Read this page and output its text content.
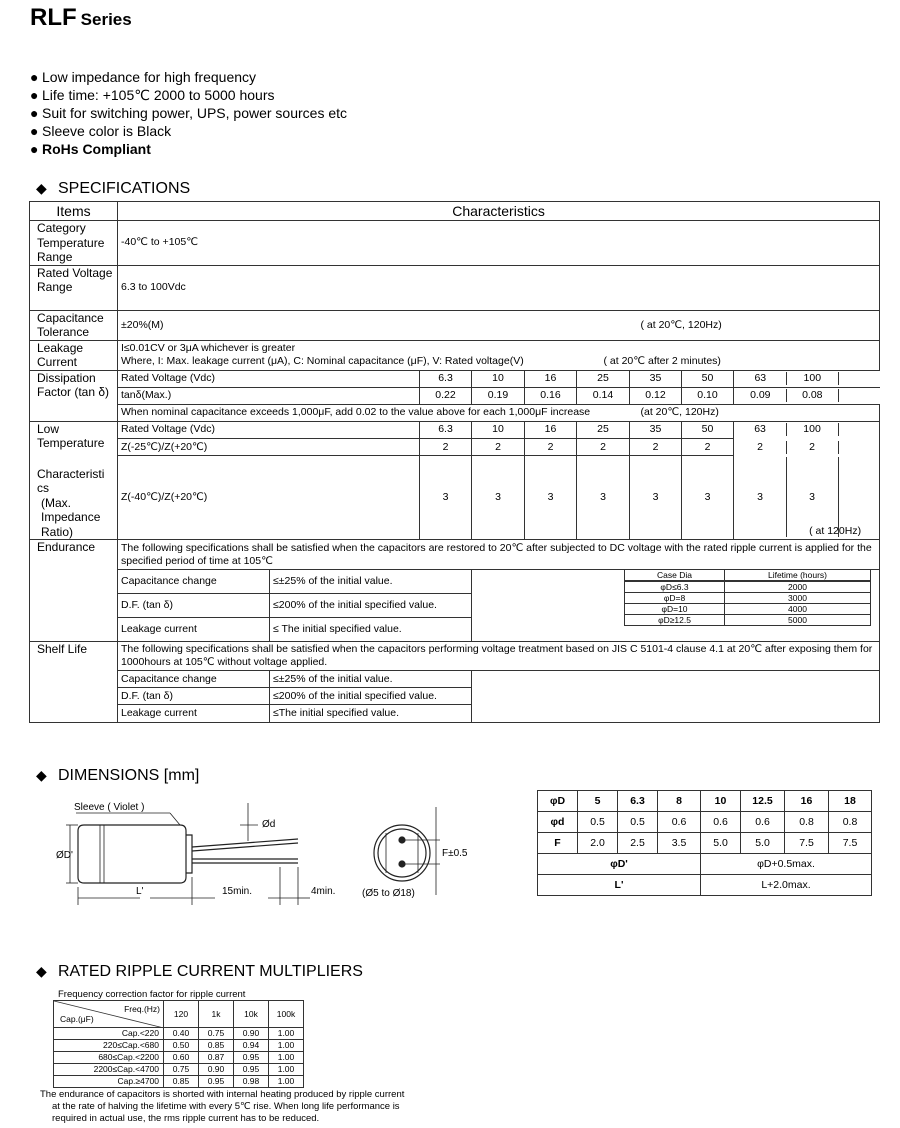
RLF Series
● Low impedance for high frequency
● Life time: +105℃ 2000 to 5000 hours
● Suit for switching power, UPS, power sources etc
● Sleeve color is Black
● RoHs Compliant
◆ SPECIFICATIONS
Items	Characteristics								
Category Temperature Range	-40℃ to +105℃								
Rated Voltage Range	6.3 to 100Vdc								
Capacitance Tolerance	±20%(M) ( at 20℃, 120Hz)								

Leakage Current	I≤0.01CV or 3μA whichever is greater
Where, I: Max. leakage current (μA), C: Nominal capacitance (μF), V: Rated voltage(V) ( at 20℃ after 2 minutes)								

Dissipation Factor (tan δ)	Rated Voltage (Vdc)		6.3	10	16	25	35	50	63 100
	tanδ(Max.)		0.22	0.19	0.16	0.14	0.12	0.10	0.09 0.08
	When nominal capacitance exceeds 1,000μF, add 0.02 to the value above for each 1,000μF increase (at 20℃, 120Hz)								

Low Temperature
Characteristi cs
(Max. Impedance Ratio)	Rated Voltage (Vdc)		6.3	10	16	25	35	50	63 100
	Z(-25℃)/Z(+20℃)		2	2	2	2	2	2	2 2
	Z(-40℃)/Z(+20℃)		3	3	3	3	3	3	3 3
( at 120Hz)

Endurance	The following specifications shall be satisfied when the capacitors are restored to 20℃ after subjected to DC voltage with the rated ripple current is applied for the specified period of time at 105℃								
	Capacitance change	≤±25% of the initial value.							
	D.F. (tan δ)	≤200% of the initial specified value.							
	Leakage current	≤ The initial specified value.							
Shelf Life	The following specifications shall be satisfied when the capacitors performing voltage treatment based on JIS C 5101-4 clause 4.1 at 20℃ after exposing them for 1000hours at 105℃ without voltage applied.								
	Capacitance change	≤±25% of the initial value.							
	D.F. (tan δ)	≤200% of the initial specified value.							
	Leakage current	≤The initial specified value.							
Case Dia	Lifetime (hours)
φD≤6.3	2000
φD=8	3000
φD=10	4000
φD≥12.5	5000
◆ DIMENSIONS [mm]
Sleeve ( Violet )
ØD'
Ød
L'	15min.	4min.
F±0.5
(Ø5 to Ø18)
φD	5	6.3	8	10	12.5	16	18
φd	0.5	0.5	0.6	0.6	0.6	0.8	0.8
F	2.0	2.5	3.5	5.0	5.0	7.5	7.5
φD'				φD+0.5max.			
L'				L+2.0max.			
◆ RATED RIPPLE CURRENT MULTIPLIERS
Frequency correction factor for ripple current
Freq.(Hz)
Cap.(μF)	120	1k	10k	100k
Cap.<220	0.40	0.75	0.90	1.00
220≤Cap.<680	0.50	0.85	0.94	1.00
680≤Cap.<2200	0.60	0.87	0.95	1.00
2200≤Cap.<4700	0.75	0.90	0.95	1.00
Cap.≥4700	0.85	0.95	0.98	1.00
The endurance of capacitors is shorted with internal heating produced by ripple current
at the rate of halving the lifetime with every 5℃ rise. When long life performance is
required in actual use, the rms ripple current has to be reduced.
